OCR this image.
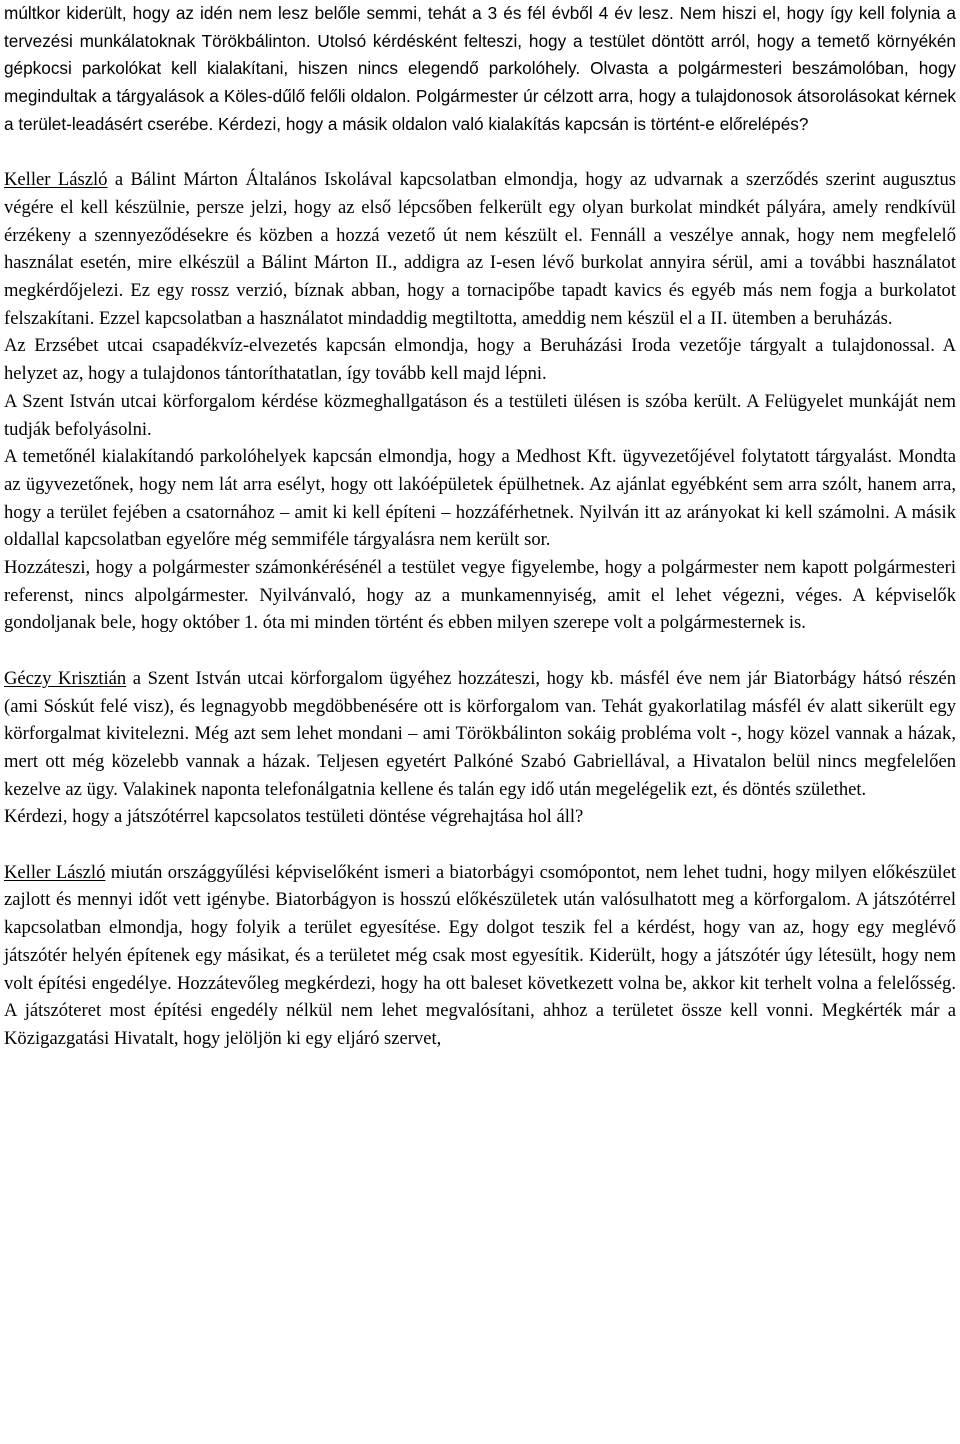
múltkor kiderült, hogy az idén nem lesz belőle semmi, tehát a 3 és fél évből 4 év lesz. Nem hiszi el, hogy így kell folynia a tervezési munkálatoknak Törökbálinton. Utolsó kérdésként felteszi, hogy a testület döntött arról, hogy a temető környékén gépkocsi parkolókat kell kialakítani, hiszen nincs elegendő parkolóhely. Olvasta a polgármesteri beszámolóban, hogy megindultak a tárgyalások a Köles-dűlő felőli oldalon. Polgármester úr célzott arra, hogy a tulajdonosok átsorolásokat kérnek a terület-leadásért cserébe. Kérdezi, hogy a másik oldalon való kialakítás kapcsán is történt-e előrelépés?

Keller László a Bálint Márton Általános Iskolával kapcsolatban elmondja, hogy az udvarnak a szerződés szerint augusztus végére el kell készülnie, persze jelzi, hogy az első lépcsőben felkerült egy olyan burkolat mindkét pályára, amely rendkívül érzékeny a szennyeződésekre és közben a hozzá vezető út nem készült el. Fennáll a veszélye annak, hogy nem megfelelő használat esetén, mire elkészül a Bálint Márton II., addigra az I-esen lévő burkolat annyira sérül, ami a további használatot megkérdőjelezi. Ez egy rossz verzió, bíznak abban, hogy a tornacipőbe tapadt kavics és egyéb más nem fogja a burkolatot felszakítani. Ezzel kapcsolatban a használatot mindaddig megtiltotta, ameddig nem készül el a II. ütemben a beruházás.

Az Erzsébet utcai csapadékvíz-elvezetés kapcsán elmondja, hogy a Beruházási Iroda vezetője tárgyalt a tulajdonossal. A helyzet az, hogy a tulajdonos tántoríthatatlan, így tovább kell majd lépni.

A Szent István utcai körforgalom kérdése közmeghallgatáson és a testületi ülésen is szóba került. A Felügyelet munkáját nem tudják befolyásolni.

A temetőnél kialakítandó parkolóhelyek kapcsán elmondja, hogy a Medhost Kft. ügyvezetőjével folytatott tárgyalást. Mondta az ügyvezetőnek, hogy nem lát arra esélyt, hogy ott lakóépületek épülhetnek. Az ajánlat egyébként sem arra szólt, hanem arra, hogy a terület fejében a csatornához – amit ki kell építeni – hozzáférhetnek. Nyilván itt az arányokat ki kell számolni. A másik oldallal kapcsolatban egyelőre még semmiféle tárgyalásra nem került sor.

Hozzáteszi, hogy a polgármester számonkérésénél a testület vegye figyelembe, hogy a polgármester nem kapott polgármesteri referenst, nincs alpolgármester. Nyilvánvaló, hogy az a munkamennyiség, amit el lehet végezni, véges. A képviselők gondoljanak bele, hogy október 1. óta mi minden történt és ebben milyen szerepe volt a polgármesternek is.

Géczy Krisztián a Szent István utcai körforgalom ügyéhez hozzáteszi, hogy kb. másfél éve nem jár Biatorbágy hátsó részén (ami Sóskút felé visz), és legnagyobb megdöbbenésére ott is körforgalom van. Tehát gyakorlatilag másfél év alatt sikerült egy körforgalmat kivitelezni. Még azt sem lehet mondani – ami Törökbálinton sokáig probléma volt -, hogy közel vannak a házak, mert ott még közelebb vannak a házak. Teljesen egyetért Palkóné Szabó Gabriellával, a Hivatalon belül nincs megfelelően kezelve az ügy. Valakinek naponta telefonálgatnia kellene és talán egy idő után megelégelik ezt, és döntés születhet.

Kérdezi, hogy a játszótérrel kapcsolatos testületi döntése végrehajtása hol áll?

Keller László miután országgyűlési képviselőként ismeri a biatorbágyi csomópontot, nem lehet tudni, hogy milyen előkészület zajlott és mennyi időt vett igénybe. Biatorbágyon is hosszú előkészületek után valósulhatott meg a körforgalom. A játszótérrel kapcsolatban elmondja, hogy folyik a terület egyesítése. Egy dolgot teszik fel a kérdést, hogy van az, hogy egy meglévő játszótér helyén építenek egy másikat, és a területet még csak most egyesítik. Kiderült, hogy a játszótér úgy létesült, hogy nem volt építési engedélye. Hozzátevőleg megkérdezi, hogy ha ott baleset következett volna be, akkor kit terhelt volna a felelősség. A játszóteret most építési engedély nélkül nem lehet megvalósítani, ahhoz a területet össze kell vonni. Megkérték már a Közigazgatási Hivatalt, hogy jelöljön ki egy eljáró szervet,
